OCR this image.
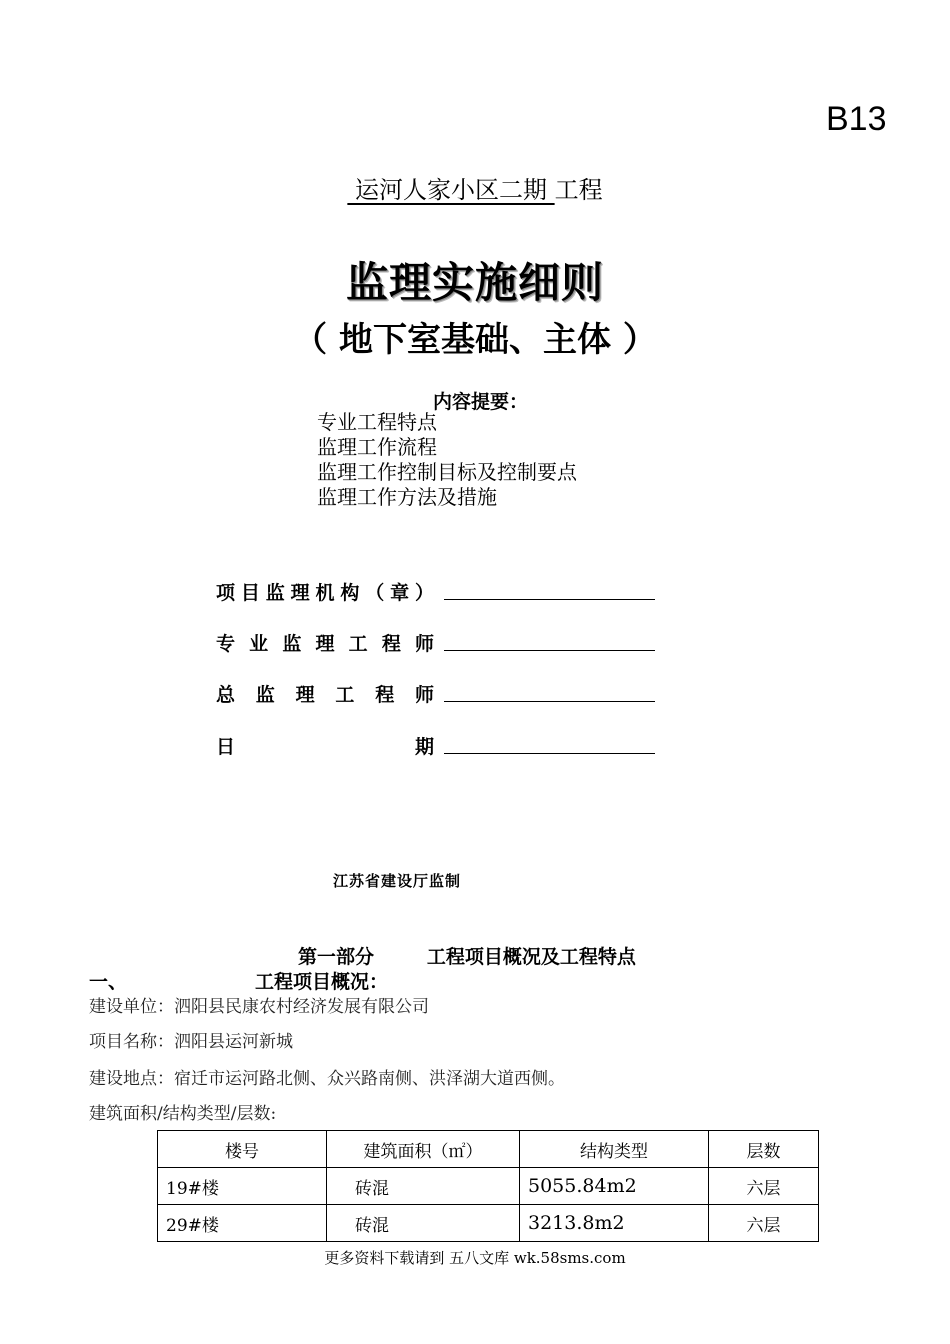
B13
运河人家小区二期 工程
监理实施细则
（ 地下室基础、主体 ）
内容提要：
专业工程特点
监理工作流程
监理工作控制目标及控制要点
监理工作方法及措施
项目监理机构（章）
专业监理工程师
总监理工程师
日期
江苏省建设厅监制
第一部分        工程项目概况及工程特点
一、	工程项目概况：
建设单位：泗阳县民康农村经济发展有限公司
项目名称：泗阳县运河新城
建设地点：宿迁市运河路北侧、众兴路南侧、洪泽湖大道西侧。
建筑面积/结构类型/层数:
楼号	建筑面积（㎡）	结构类型	层数
19#楼	砖混	5055.84m2	六层
29#楼	砖混	3213.8m2	六层
更多资料下载请到 五八文库 wk.58sms.com
